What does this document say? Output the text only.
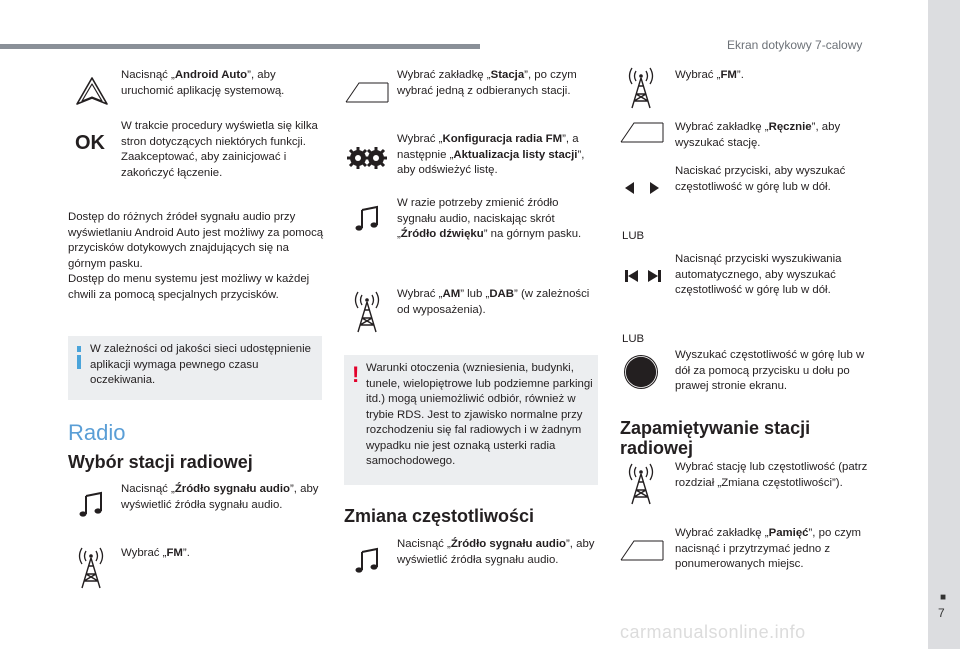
Ekran dotykowy 7-calowy
■
7
carmanualsonline.info
Nacisnąć „Android Auto”, aby uruchomić aplikację systemową.
OK
W trakcie procedury wyświetla się kilka stron dotyczących niektórych funkcji.
Zaakceptować, aby zainicjować i zakończyć łączenie.
Dostęp do różnych źródeł sygnału audio przy wyświetlaniu Android Auto jest możliwy za pomocą przycisków dotykowych znajdujących się na górnym pasku.
Dostęp do menu systemu jest możliwy w każdej chwili za pomocą specjalnych przycisków.
W zależności od jakości sieci udostępnienie aplikacji wymaga pewnego czasu oczekiwania.
Radio
Wybór stacji radiowej
Nacisnąć „Źródło sygnału audio”, aby wyświetlić źródła sygnału audio.
Wybrać „FM”.
Wybrać zakładkę „Stacja”, po czym wybrać jedną z odbieranych stacji.
Wybrać „Konfiguracja radia FM”, a następnie „Aktualizacja listy stacji”, aby odświeżyć listę.
W razie potrzeby zmienić źródło sygnału audio, naciskając skrót „Źródło dźwięku” na górnym pasku.
Wybrać „AM” lub „DAB” (w zależności od wyposażenia).
! Warunki otoczenia (wzniesienia, budynki, tunele, wielopiętrowe lub podziemne parkingi itd.) mogą uniemożliwić odbiór, również w trybie RDS. Jest to zjawisko normalne przy rozchodzeniu się fal radiowych i w żadnym wypadku nie jest oznaką usterki radia samochodowego.
Zmiana częstotliwości
Nacisnąć „Źródło sygnału audio”, aby wyświetlić źródła sygnału audio.
Wybrać „FM”.
Wybrać zakładkę „Ręcznie”, aby wyszukać stację.
Naciskać przyciski, aby wyszukać częstotliwość w górę lub w dół.
LUB
Nacisnąć przyciski wyszukiwania automatycznego, aby wyszukać częstotliwość w górę lub w dół.
LUB
Wyszukać częstotliwość w górę lub w dół za pomocą przycisku u dołu po prawej stronie ekranu.
Zapamiętywanie stacji radiowej
Wybrać stację lub częstotliwość (patrz rozdział „Zmiana częstotliwości”).
Wybrać zakładkę „Pamięć”, po czym nacisnąć i przytrzymać jedno z ponumerowanych miejsc.
